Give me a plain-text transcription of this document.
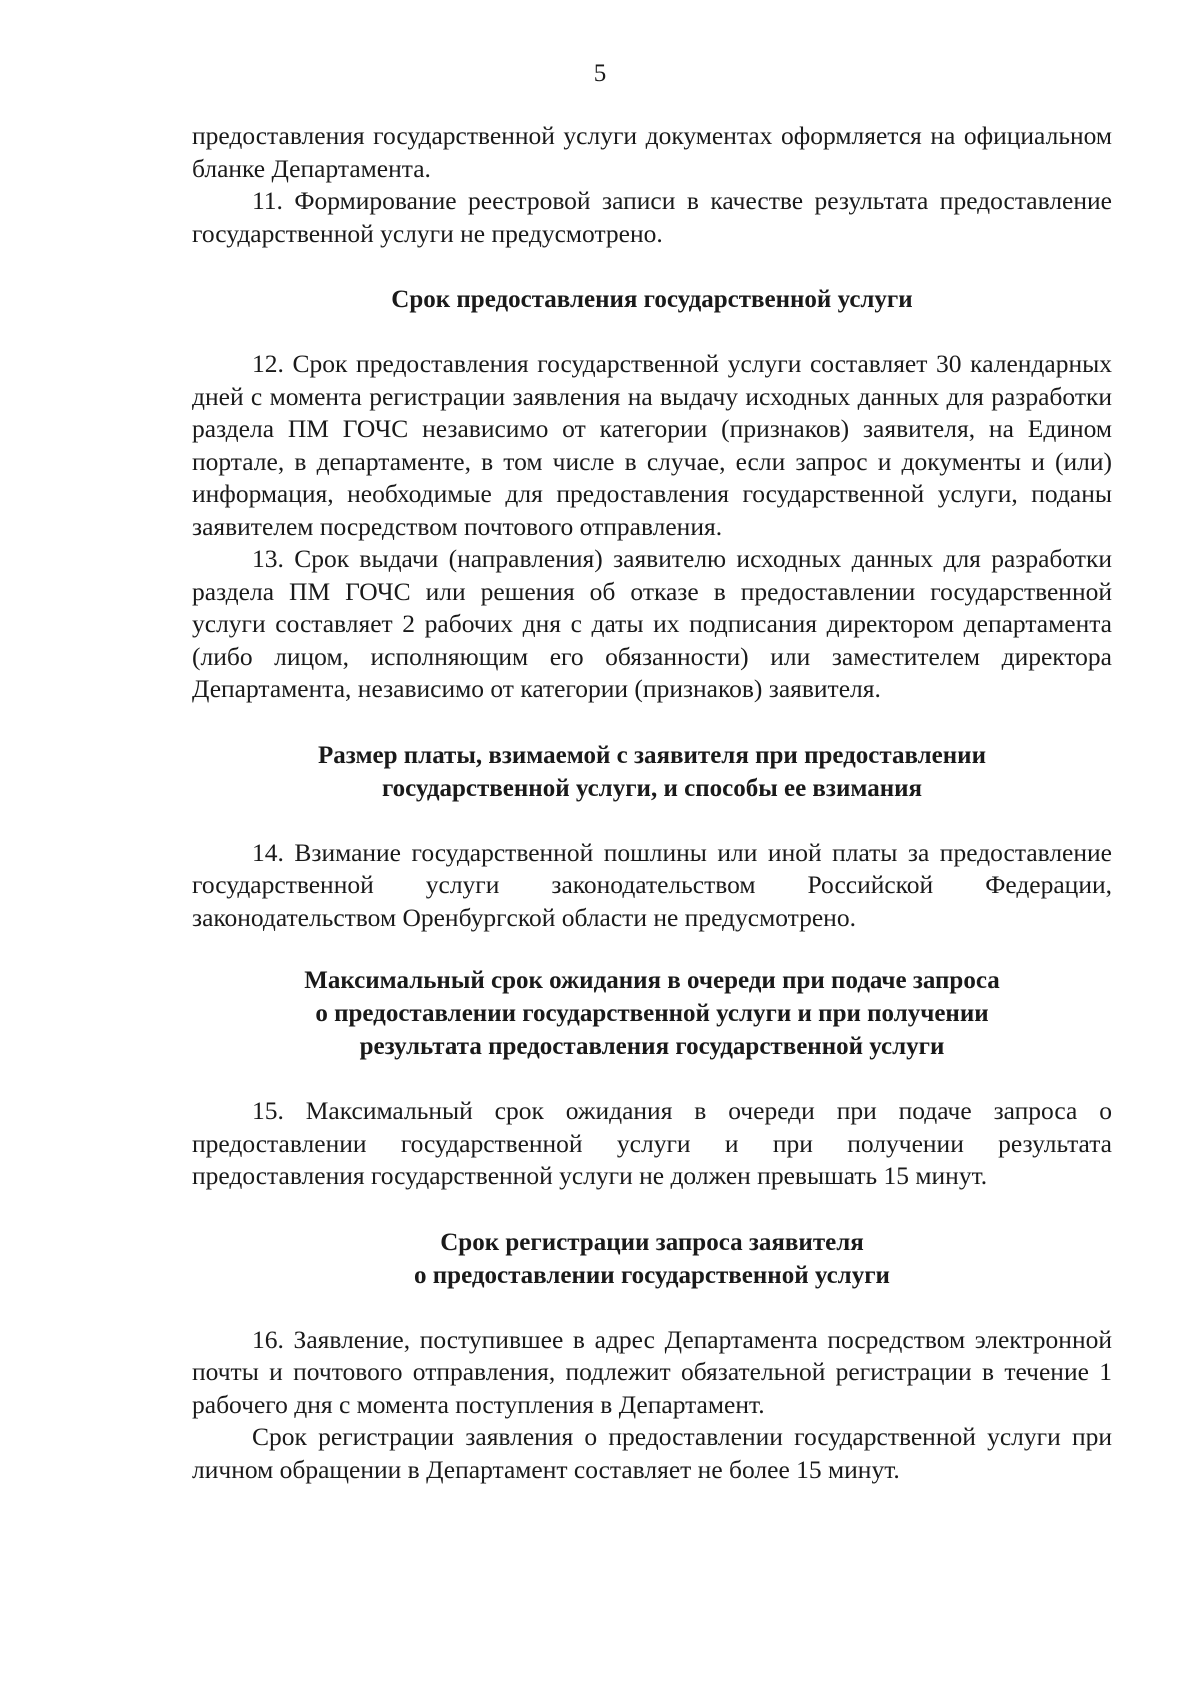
5

предоставления государственной услуги документах оформляется на официальном бланке Департамента.

11. Формирование реестровой записи в качестве результата предоставление государственной услуги не предусмотрено.

Срок предоставления государственной услуги

12. Срок предоставления государственной услуги составляет 30 календарных дней с момента регистрации заявления на выдачу исходных данных для разработки раздела ПМ ГОЧС независимо от категории (признаков) заявителя, на Едином портале, в департаменте, в том числе в случае, если запрос и документы и (или) информация, необходимые для предоставления государственной услуги, поданы заявителем посредством почтового отправления.

13. Срок выдачи (направления) заявителю исходных данных для разработки раздела ПМ ГОЧС или решения об отказе в предоставлении государственной услуги составляет 2 рабочих дня с даты их подписания директором департамента (либо лицом, исполняющим его обязанности) или заместителем директора Департамента, независимо от категории (признаков) заявителя.

Размер платы, взимаемой с заявителя при предоставлении
государственной услуги, и способы ее взимания

14. Взимание государственной пошлины или иной платы за предоставление государственной услуги законодательством Российской Федерации, законодательством Оренбургской области не предусмотрено.

Максимальный срок ожидания в очереди при подаче запроса
о предоставлении государственной услуги и при получении
результата предоставления государственной услуги

15. Максимальный срок ожидания в очереди при подаче запроса о предоставлении государственной услуги и при получении результата предоставления государственной услуги не должен превышать 15 минут.

Срок регистрации запроса заявителя
о предоставлении государственной услуги

16. Заявление, поступившее в адрес Департамента посредством электронной почты и почтового отправления, подлежит обязательной регистрации в течение 1 рабочего дня с момента поступления в Департамент.

Срок регистрации заявления о предоставлении государственной услуги при личном обращении в Департамент составляет не более 15 минут.
